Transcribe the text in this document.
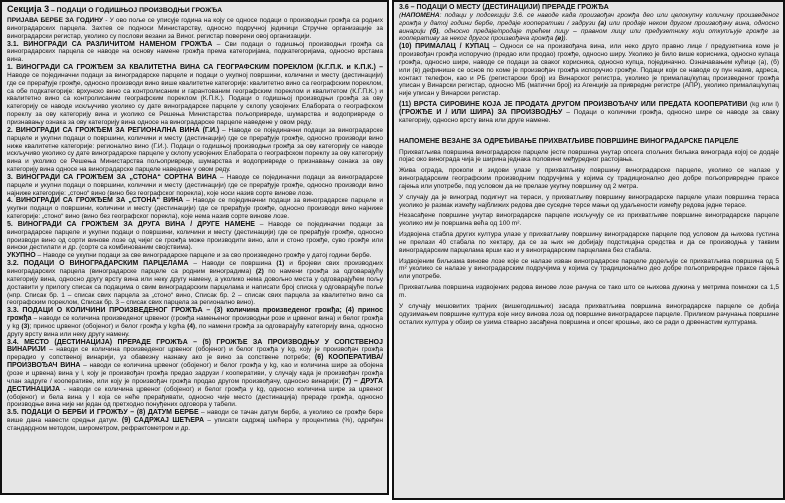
Секција 3 – ПОДАЦИ О ГОДИШЊОЈ ПРОИЗВОДЊИ ГРОЖЂА

ПРИЈАВА БЕРБЕ ЗА ГОДИНУ - У ово поље се уписује година на коју се односе подаци о производњи грожђа са родних виноградарских парцела. Захтев се подноси Министарству, односно подручној јединици Стручне организације за виноградарски регистар, уколико су послови везани за Виног. регистар поверени овој организацији.

3.1. ВИНОГРАДИ СА РАЗЛИЧИТОМ НАМЕНОМ ГРОЖЂА – Сви подаци о годишњој производњи грожђа са виноградарских парцела се наводе на основу намене грожђа према категоријама, подкатегоријама, односно врстама вина.

1. ВИНОГРАДИ СА ГРОЖЂЕМ ЗА КВАЛИТЕТНА ВИНА СА ГЕОГРАФСКИМ ПОРЕКЛОМ (К.Г.П.К. и К.П.К.) – Наводе се појединачни подаци за виноградарске парцеле и подаци о укупној површини, количини и месту (дестинацији) где се прерађује грожђе, односно производи вино више квалитетне категорије: квалитетно вино са географским пореклом, са обе подкатегорије: врхунско вино са контролисаним и гарантованим географским пореклом и квалитетом (К.Г.П.К.) и квалитетно вино са контролисаним географским пореклом (К.П.К.). Подаци о годишњој производњи грожђа за ову категорију се наводе искључиво уколико су дате виноградарске парцеле у склопу усвојених Елабората о географском пореклу за ову категорију вина и уколико се Решења Министарства пољопривреде, шумарства и водопривреде о признавању ознака за ову категорију вина односе на виноградарске парцеле наведене у овом реду.

2. ВИНОГРАДИ СА ГРОЖЂЕМ ЗА РЕГИОНАЛНА ВИНА (Г.И.) – Наводе се појединачни подаци за виноградарске парцеле и укупни подаци о површини, количини и месту (дестинацији) где се прерађује грожђе, односно производи вино ниже квалитетне категорије: регионално вино (Г.И.). Подаци о годишњој производњи грожђа за ову категорију се наводе искључиво уколико су дате виноградарске парцеле у склопу усвојених Елабората о географском пореклу за ову категорију вина и уколико се Решења Министарства пољопривреде, шумарства и водопривреде о признавању ознака за ову категорију вина односе на виноградарске парцеле наведене у овом реду.

3. ВИНОГРАДИ СА ГРОЖЂЕМ ЗА „СТОНА“ СОРТНА ВИНА – Наводе се појединачни подаци за виноградарске парцеле и укупни подаци о површини, количини и месту (дестинацији) где се прерађује грожђе, односно производи вино најниже категорије: „стоно“ вино (вино без географског порекла), које носи назив сорте винове лозе.

4. ВИНОГРАДИ СА ГРОЖЂЕМ ЗА „СТОНА“ ВИНА – Наводе се појединачни подаци за виноградарске парцеле и укупни подаци о површини, количини и месту (дестинацији) где се прерађује грожђе, односно производи вино најниже категорије: „стоно“ вино (вино без географског порекла), које нема назив сорте винове лозе.

5. ВИНОГРАДИ СА ГРОЖЂЕМ ЗА ДРУГА ВИНА / ДРУГЕ НАМЕНЕ – Наводе се појединачни подаци за виноградарске парцеле и укупни подаци о површини, количини и месту (дестинацији) где се прерађује грожђе, односно производи вино од сорти винове лозе од чијег се грожђа може производити вино, али и стоно грожђе, суво грожђе или вински дестилати и др. (сорте са комбинованим својствима).

УКУПНО – Наводе се укупни подаци за све виноградарске парцеле и за сво произведено грожђе у датој години бербе.

3.2. ПОДАЦИ О ВИНОГРАДАРСКИМ ПАРЦЕЛАМА – Наводи се површина (1) и бројеви свих производних виноградарских парцела (виноградарске парцеле са родним виноградима) (2) по намени грожђа за одговарајућу категорију вина, односно другу врсту вина или неку другу намену, а уколико нема довољно места у одговарајућем пољу доставити у прилогу списак са подацима о свим виноградарским парцелама и написати број списка у одговарајуће поље (нпр. Списак бр. 1 – списак свих парцела за „стоно“ вино, Списак бр. 2 – списак свих парцела за квалитетно вино са географским пореклом, Списак бр. 3 – списак свих парцела за регионално вино).

3.3. ПОДАЦИ О КОЛИЧИНИ ПРОИЗВЕДЕНОГ ГРОЖЂА – (3) количина произведеног грожђа; (4) принос грожђа – наводи се количина произведеног црвеног (грожђа намењеног производњи розе и црвеног вина) и белог грожђа у kg (3); принос црвеног (обојеног) и белог грожђа у kg/ha (4), по намени грожђа за одговарајућу категорију вина, односно другу врсту вина или неку другу намену.

3.4. МЕСТО (ДЕСТИНАЦИЈА) ПРЕРАДЕ ГРОЖЂА – (5) ГРОЖЂЕ ЗА ПРОИЗВОДЊУ У СОПСТВЕНОЈ ВИНАРИЈИ – наводи се количина произведеног црвеног (обојеног) и белог грожђа у kg, коју је произвођач грожђа прерадио у сопственој винарији, уз обавезну назнаку ако је вино за сопствене потребе; (6) КООПЕРАТИВА/ПРОИЗВОЂАЧ ВИНА – наводи се количина црвеног (обојеног) и белог грожђа у kg, као и количина шире за обојена (розе и црвена) вина у l, коју је произвођач грожђа предао задрузи / кооперативи, у случају када је произвођач грожђа члан задруге / кооперативе, или коју је произвођач грожђа продао другом произвођачу, односно винарији; (7) – ДРУГА ДЕСТИНАЦИЈА - наводи се количина црвеног (обојеног) и белог грожђа у kg, односно количина шире за црвеног (обојеног) и бела вина у l која се неће прерађивати, односно чије место (дестинација) прераде грожђа, односно производње вина није ни један од претходно понуђених одговора у табели.

3.5. ПОДАЦИ О БЕРБИ И ГРОЖЂУ – (8) ДАТУМ БЕРБЕ – наводи се тачан датум бербе, а уколико се грожђе бере више дана навести средњи датум. (9) САДРЖАЈ ШЕЋЕРА – уписати садржај шећера у процентима (%), одређен стандардном методом, широметром, рефрактометром и др.

3.6 – ПОДАЦИ О МЕСТУ (ДЕСТИНАЦИЈИ) ПРЕРАДЕ ГРОЖЂА

(НАПОМЕНА: подаци у подсекцији 3.6. се наводе када произвођач грожђа део или целокупну количину произведеног грожђа у датој години бербе, предаје кооперативи / задрузи (а) или продаје неком другом произвођачу вина, односно винарији (б), односно предаје/продаје трећем лицу – правном лицу или предузетнику који откупљује грожђе за кооперативу за неког другог произвођача грожђа (в)).

(10) ПРИМАЛАЦ / КУПАЦ – Односи се на произвођача вина, или неко друго правно лице / предузетника коме је произвођач грожђа испоручио (предао или продао) грожђе, односно ширу. Уколико је било више корисника, односно купаца грожђа, односно шире, наводе се подаци за сваког корисника, односно купца, појединачно. Означавањем кућице (а), (б) или (в) дефинише се основ по коме је произвођач грожђа испоручио грожђе. Подаци који се наводе су пун назив, адреса, контакт телефон, као и РБ (регистарски број) из Винарског регистра, уколико је прималац/купац произведеног грожђа уписан у Винарски регистар, односно МБ (матични број) из Агенције за привредне регистре (АПР), уколико прималац/купац није уписан у Винарски регистар.

(11) ВРСТА СИРОВИНЕ КОЈА ЈЕ ПРОДАТА ДРУГОМ ПРОИЗВОЂАЧУ ИЛИ ПРЕДАТА КООПЕРАТИВИ (kg или l) (ГРОЖЂЕ И / ИЛИ ШИРА) ЗА ПРОИЗВОДЊУ – Подаци о количини грожђа, односно шире се наводе за сваку категорију, односно врсту вина или друге намене.

НАПОМЕНЕ ВЕЗАНЕ ЗА ОДРЕЂИВАЊЕ ПРИХВАТЉИВЕ ПОВРШИНЕ ВИНОГРАДАРСКЕ ПАРЦЕЛЕ

Прихватљива површина виноградарске парцеле јесте површина унутар опсега спољних биљака винограда којој се додаје појас око винограда чија је ширина једнака половини међуредног растојања.

Жива ограда, прокопи и зидови улазе у прихватљиву површину виноградарске парцеле, уколико се налазе у виноградарским географским производним подручјима у којима су традиционално део добре пољопривредне праксе гајења или употребе, под условом да не прелазе укупну површину од 2 метра.

У случају да је виноград подигнут на тераси, у прихватљиву површину виноградарске парцеле улази површина тераса уколико је размак између најближих редова две суседне терсе мањи од удаљености између редова једне терасе.

Незасађене површине унутар виноградарске парцеле искључују се из прихватљиве површине виноградарске парцеле уколико им је површина већа од 100 m².

Издвојена стабла других култура улазе у прихватљиву површину виноградарске парцеле под условом да њихова густина не прелази 40 стабала по хектару, да се за њих не добијају подстицајна средства и да се производња у таквим виноградарским парцелама врши као и у виноградарским парцелама без стабала.

Издвојеним биљкама винове лозе које се налазе изван виноградарске парцеле додељује се прихватљива површина од 5 m² уколико се налазе у виноградарским подручјима у којима су традиционално део добре пољопривредне праксе гајења или употребе.

Прихватљива површина издвојених редова винове лозе рачуна се тако што се њихова дужина у метрима помножи са 1,5 m.

У случају мешовитих трајних (вишегодишњих) засада прихватљива површина виноградарске парцеле се добија одузимањем површине култура које нису винова лоза од површине виноградарске парцеле. Приликом рачунања површине осталих култура у обзир се узима стварно засађена површина и опсег крошње, ако се ради о дрвенастим културама.
